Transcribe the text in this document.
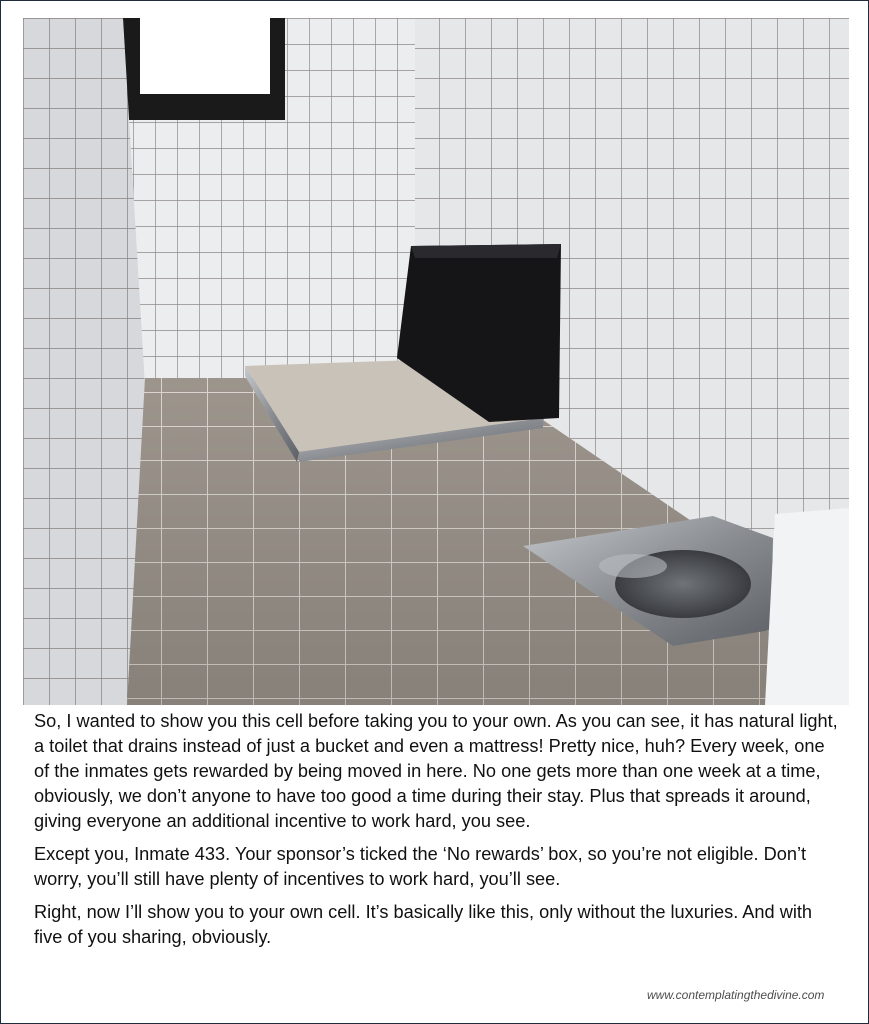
So, I wanted to show you this cell before taking you to your own. As you can see, it has natural light, a toilet that drains instead of just a bucket and even a mattress! Pretty nice, huh? Every week, one of the inmates gets rewarded by being moved in here. No one gets more than one week at a time, obviously, we don’t anyone to have too good a time during their stay. Plus that spreads it around, giving everyone an additional incentive to work hard, you see.

Except you, Inmate 433. Your sponsor’s ticked the ‘No rewards’ box, so you’re not eligible. Don’t worry, you’ll still have plenty of incentives to work hard, you’ll see.

Right, now I’ll show you to your own cell. It’s basically like this, only without the luxuries. And with five of you sharing, obviously.

www.contemplatingthedivine.com
